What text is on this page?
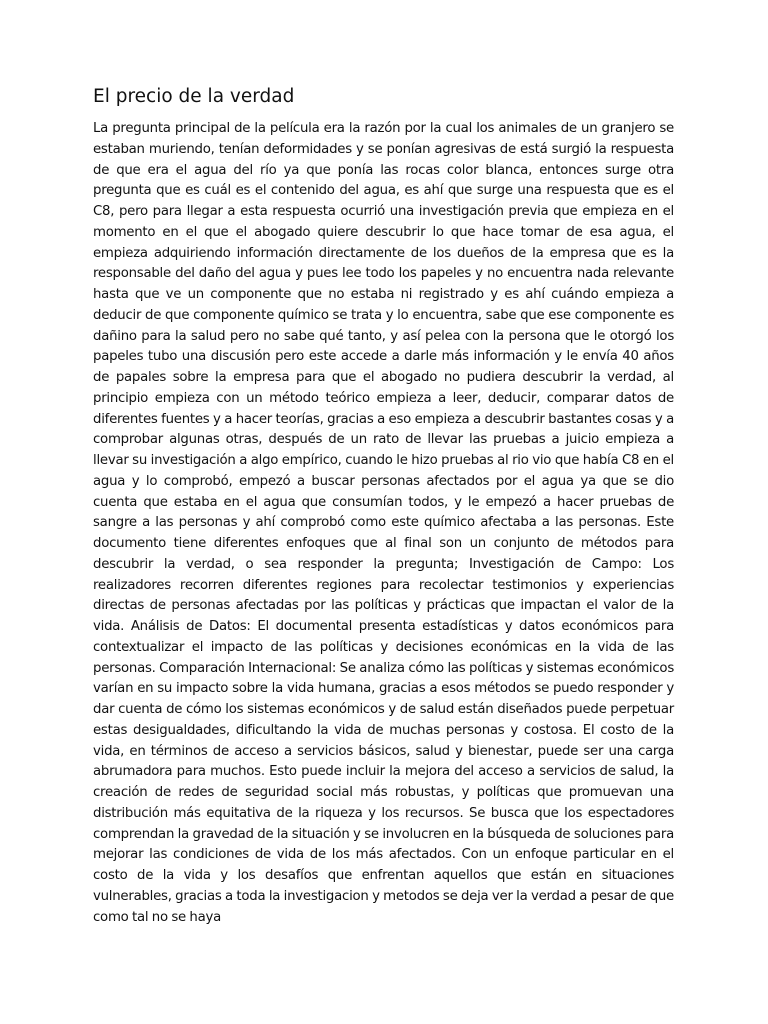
El precio de la verdad

La pregunta principal de la película era la razón por la cual los animales de un granjero se estaban muriendo, tenían deformidades y se ponían agresivas de está surgió la respuesta de que era el agua del río ya que ponía las rocas color blanca, entonces surge otra pregunta que es cuál es el contenido del agua, es ahí que surge una respuesta que es el C8, pero para llegar a esta respuesta ocurrió una investigación previa que empieza en el momento en el que el abogado quiere descubrir lo que hace tomar de esa agua, el empieza adquiriendo información directamente de los dueños de la empresa que es la responsable del daño del agua y pues lee todo los papeles y no encuentra nada relevante hasta que ve un componente que no estaba ni registrado y es ahí cuándo empieza a deducir de que componente químico se trata y lo encuentra, sabe que ese componente es dañino para la salud pero no sabe qué tanto, y así pelea con la persona que le otorgó los papeles tubo una discusión pero este accede a darle más información y le envía 40 años de papales sobre la empresa para que el abogado no pudiera descubrir la verdad, al principio empieza con un método teórico empieza a leer, deducir, comparar datos de diferentes fuentes y a hacer teorías, gracias a eso empieza a descubrir bastantes cosas y a comprobar algunas otras, después de un rato de llevar las pruebas a juicio empieza a llevar su investigación a algo empírico, cuando le hizo pruebas al rio vio que había C8 en el agua y lo comprobó, empezó a buscar personas afectados por el agua ya que se dio cuenta que estaba en el agua que consumían todos, y le empezó a hacer pruebas de sangre a las personas y ahí comprobó como este químico afectaba a las personas. Este documento tiene diferentes enfoques que al final son un conjunto de métodos para descubrir la verdad, o sea responder la pregunta; Investigación de Campo: Los realizadores recorren diferentes regiones para recolectar testimonios y experiencias directas de personas afectadas por las políticas y prácticas que impactan el valor de la vida. Análisis de Datos: El documental presenta estadísticas y datos económicos para contextualizar el impacto de las políticas y decisiones económicas en la vida de las personas. Comparación Internacional: Se analiza cómo las políticas y sistemas económicos varían en su impacto sobre la vida humana, gracias a esos métodos se puedo responder y dar cuenta de cómo los sistemas económicos y de salud están diseñados puede perpetuar estas desigualdades, dificultando la vida de muchas personas y costosa. El costo de la vida, en términos de acceso a servicios básicos, salud y bienestar, puede ser una carga abrumadora para muchos. Esto puede incluir la mejora del acceso a servicios de salud, la creación de redes de seguridad social más robustas, y políticas que promuevan una distribución más equitativa de la riqueza y los recursos. Se busca que los espectadores comprendan la gravedad de la situación y se involucren en la búsqueda de soluciones para mejorar las condiciones de vida de los más afectados. Con un enfoque particular en el costo de la vida y los desafíos que enfrentan aquellos que están en situaciones vulnerables, gracias a toda la investigacion y metodos se deja ver la verdad a pesar de que como tal no se haya
